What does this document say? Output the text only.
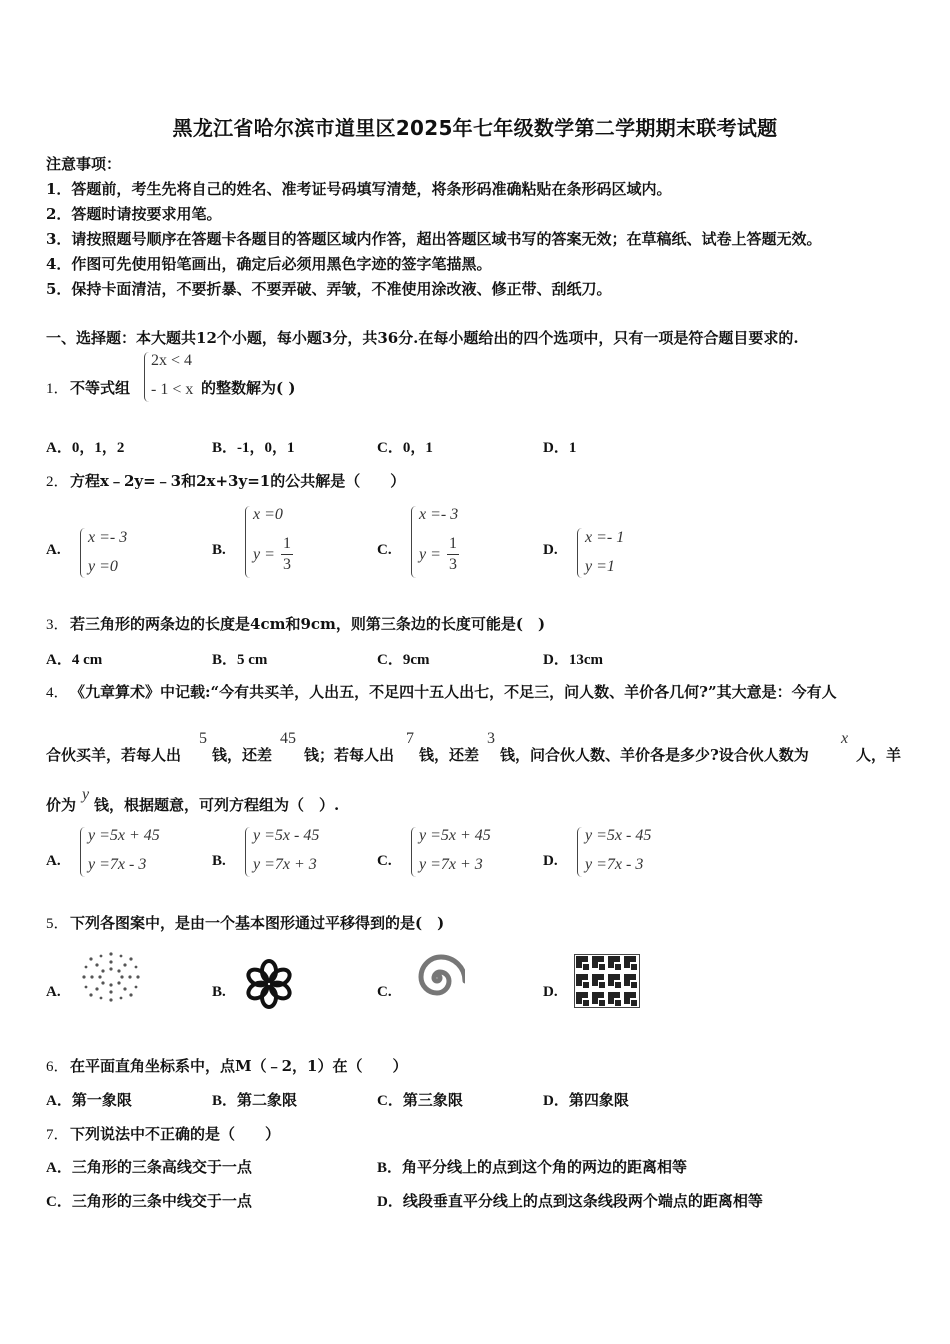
黑龙江省哈尔滨市道里区2025年七年级数学第二学期期末联考试题
注意事项：
1．答题前，考生先将自己的姓名、准考证号码填写清楚，将条形码准确粘贴在条形码区域内。
2．答题时请按要求用笔。
3．请按照题号顺序在答题卡各题目的答题区域内作答，超出答题区域书写的答案无效；在草稿纸、试卷上答题无效。
4．作图可先使用铅笔画出，确定后必须用黑色字迹的签字笔描黑。
5．保持卡面清洁，不要折暴、不要弄破、弄皱，不准使用涂改液、修正带、刮纸刀。
一、选择题：本大题共12个小题，每小题3分，共36分.在每小题给出的四个选项中，只有一项是符合题目要求的.
1． 不等式组
2x < 4
- 1 < x 的整数解为( )
A．0，1，2	B．-1，0，1	C．0，1	D．1
2． 方程x﹣2y=﹣3和2x+3y=1的公共解是（　　）
A.
x =- 3
y =0
B.
x =0
y =
1
3
C.
x =- 3
y =
1
3
D.
x =- 1
y =1
3． 若三角形的两条边的长度是4cm和9cm，则第三条边的长度可能是(　)
A．4 cm	B．5 cm	C．9cm	D．13cm
4． 《九章算术》中记载:“今有共买羊，人出五，不足四十五人出七，不足三，问人数、羊价各几何?”其大意是：今有人
合伙买羊，若每人出
5
钱，还差
45
钱；若每人出
7
钱，还差
3
钱，问合伙人数、羊价各是多少?设合伙人数为
x
人，羊
价为
y
钱，根据题意，可列方程组为（　）.
A.
y =5x + 45
y =7x - 3	B.
y =5x - 45
y =7x + 3	C.
y =5x + 45
y =7x + 3	D.
y =5x - 45
y =7x - 3
5． 下列各图案中，是由一个基本图形通过平移得到的是(　)
A.	B.	C.	D.
6． 在平面直角坐标系中，点M（﹣2，1）在（　　）
A．第一象限	B．第二象限	C．第三象限	D．第四象限
7． 下列说法中不正确的是（　　）
A．三角形的三条高线交于一点	B．角平分线上的点到这个角的两边的距离相等
C．三角形的三条中线交于一点	D．线段垂直平分线上的点到这条线段两个端点的距离相等
